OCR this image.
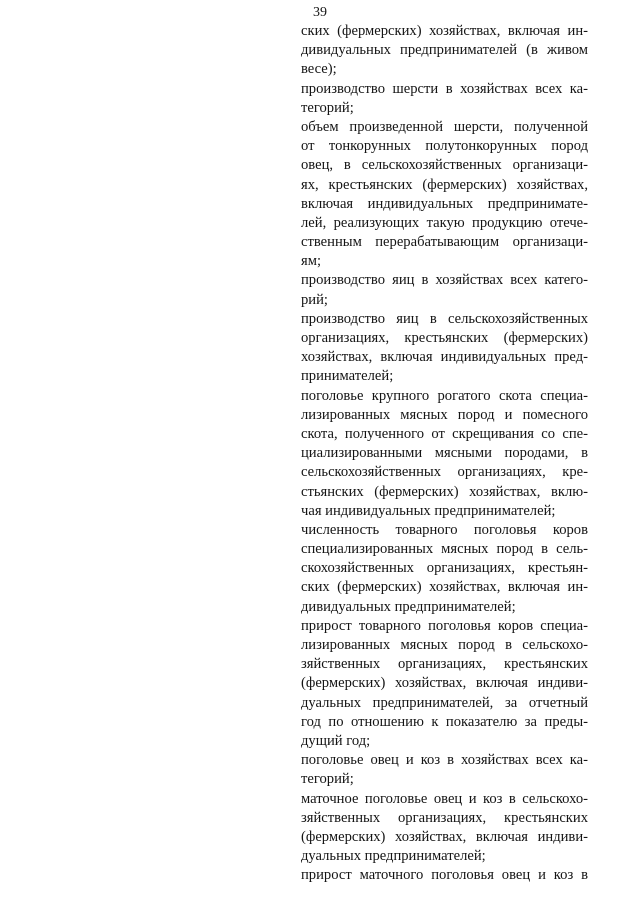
39
ских (фермерских) хозяйствах, включая ин-
дивидуальных предпринимателей (в живом
весе);
производство шерсти в хозяйствах всех ка-
тегорий;
объем произведенной шерсти, полученной
от тонкорунных полутонкорунных пород
овец, в сельскохозяйственных организаци-
ях, крестьянских (фермерских) хозяйствах,
включая индивидуальных предпринимате-
лей, реализующих такую продукцию отече-
ственным перерабатывающим организаци-
ям;
производство яиц в хозяйствах всех катего-
рий;
производство яиц в сельскохозяйственных
организациях, крестьянских (фермерских)
хозяйствах, включая индивидуальных пред-
принимателей;
поголовье крупного рогатого скота специа-
лизированных мясных пород и помесного
скота, полученного от скрещивания со спе-
циализированными мясными породами, в
сельскохозяйственных организациях, кре-
стьянских (фермерских) хозяйствах, вклю-
чая индивидуальных предпринимателей;
численность товарного поголовья коров
специализированных мясных пород в сель-
скохозяйственных организациях, крестьян-
ских (фермерских) хозяйствах, включая ин-
дивидуальных предпринимателей;
прирост товарного поголовья коров специа-
лизированных мясных пород в сельскохо-
зяйственных организациях, крестьянских
(фермерских) хозяйствах, включая индиви-
дуальных предпринимателей, за отчетный
год по отношению к показателю за преды-
дущий год;
поголовье овец и коз в хозяйствах всех ка-
тегорий;
маточное поголовье овец и коз в сельскохо-
зяйственных организациях, крестьянских
(фермерских) хозяйствах, включая индиви-
дуальных предпринимателей;
прирост маточного поголовья овец и коз в
